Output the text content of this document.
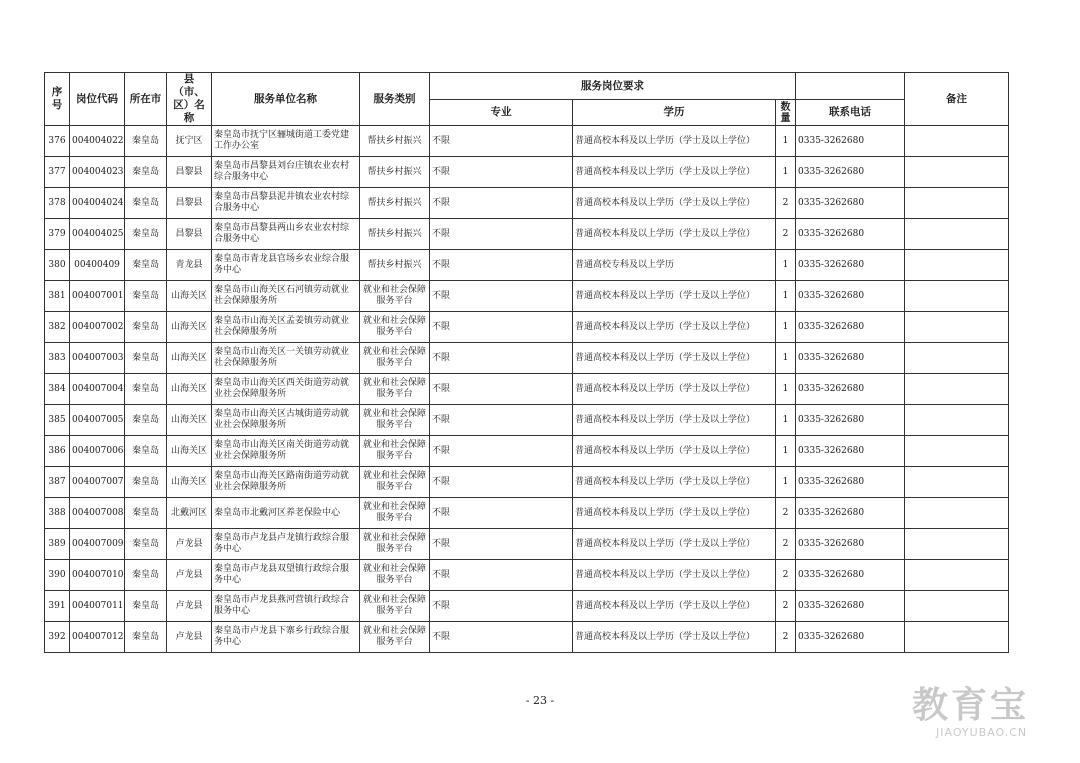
序号	岗位代码	所在市	县（市、区）名称	服务单位名称	服务类别	服务岗位要求				备注
						专业	学历	数量	联系电话	
376	004004022	秦皇岛	抚宁区	秦皇岛市抚宁区骊城街道工委党建工作办公室	帮扶乡村振兴	不限	普通高校本科及以上学历（学士及以上学位）	1	0335-3262680	
377	004004023	秦皇岛	昌黎县	秦皇岛市昌黎县刘台庄镇农业农村综合服务中心	帮扶乡村振兴	不限	普通高校本科及以上学历（学士及以上学位）	1	0335-3262680	
378	004004024	秦皇岛	昌黎县	秦皇岛市昌黎县泥井镇农业农村综合服务中心	帮扶乡村振兴	不限	普通高校本科及以上学历（学士及以上学位）	2	0335-3262680	
379	004004025	秦皇岛	昌黎县	秦皇岛市昌黎县两山乡农业农村综合服务中心	帮扶乡村振兴	不限	普通高校本科及以上学历（学士及以上学位）	2	0335-3262680	
380	00400409	秦皇岛	青龙县	秦皇岛市青龙县官场乡农业综合服务中心	帮扶乡村振兴	不限	普通高校专科及以上学历	1	0335-3262680	
381	004007001	秦皇岛	山海关区	秦皇岛市山海关区石河镇劳动就业社会保障服务所	就业和社会保障服务平台	不限	普通高校本科及以上学历（学士及以上学位）	1	0335-3262680	
382	004007002	秦皇岛	山海关区	秦皇岛市山海关区孟姜镇劳动就业社会保障服务所	就业和社会保障服务平台	不限	普通高校本科及以上学历（学士及以上学位）	1	0335-3262680	
383	004007003	秦皇岛	山海关区	秦皇岛市山海关区一关镇劳动就业社会保障服务所	就业和社会保障服务平台	不限	普通高校本科及以上学历（学士及以上学位）	1	0335-3262680	
384	004007004	秦皇岛	山海关区	秦皇岛市山海关区西关街道劳动就业社会保障服务所	就业和社会保障服务平台	不限	普通高校本科及以上学历（学士及以上学位）	1	0335-3262680	
385	004007005	秦皇岛	山海关区	秦皇岛市山海关区古城街道劳动就业社会保障服务所	就业和社会保障服务平台	不限	普通高校本科及以上学历（学士及以上学位）	1	0335-3262680	
386	004007006	秦皇岛	山海关区	秦皇岛市山海关区南关街道劳动就业社会保障服务所	就业和社会保障服务平台	不限	普通高校本科及以上学历（学士及以上学位）	1	0335-3262680	
387	004007007	秦皇岛	山海关区	秦皇岛市山海关区路南街道劳动就业社会保障服务所	就业和社会保障服务平台	不限	普通高校本科及以上学历（学士及以上学位）	1	0335-3262680	
388	004007008	秦皇岛	北戴河区	秦皇岛市北戴河区养老保险中心	就业和社会保障服务平台	不限	普通高校本科及以上学历（学士及以上学位）	2	0335-3262680	
389	004007009	秦皇岛	卢龙县	秦皇岛市卢龙县卢龙镇行政综合服务中心	就业和社会保障服务平台	不限	普通高校本科及以上学历（学士及以上学位）	2	0335-3262680	
390	004007010	秦皇岛	卢龙县	秦皇岛市卢龙县双望镇行政综合服务中心	就业和社会保障服务平台	不限	普通高校本科及以上学历（学士及以上学位）	2	0335-3262680	
391	004007011	秦皇岛	卢龙县	秦皇岛市卢龙县燕河营镇行政综合服务中心	就业和社会保障服务平台	不限	普通高校本科及以上学历（学士及以上学位）	2	0335-3262680	
392	004007012	秦皇岛	卢龙县	秦皇岛市卢龙县下寨乡行政综合服务中心	就业和社会保障服务平台	不限	普通高校本科及以上学历（学士及以上学位）	2	0335-3262680	
- 23 -	教育宝
JIAOYUBAO.CN
